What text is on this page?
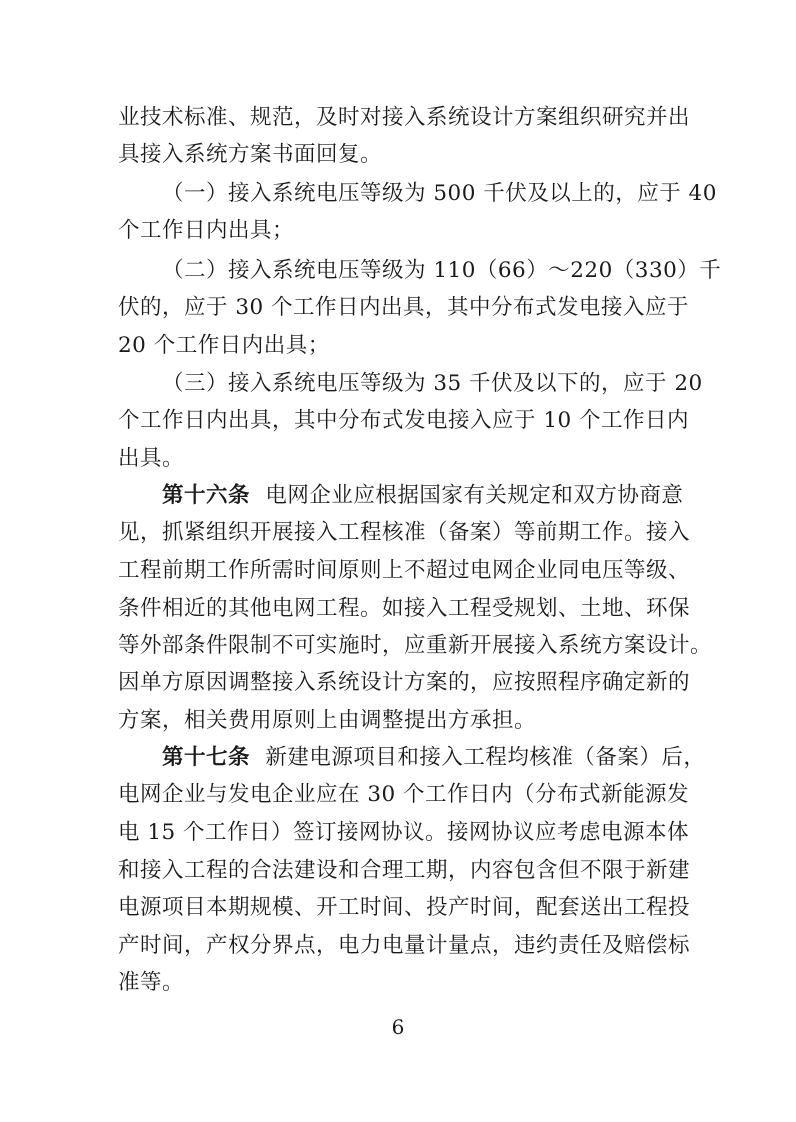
业技术标准、规范，及时对接入系统设计方案组织研究并出
具接入系统方案书面回复。
（一）接入系统电压等级为 500 千伏及以上的，应于 40
个工作日内出具；
（二）接入系统电压等级为 110（66）～220（330）千
伏的，应于 30 个工作日内出具，其中分布式发电接入应于
20 个工作日内出具；
（三）接入系统电压等级为 35 千伏及以下的，应于 20
个工作日内出具，其中分布式发电接入应于 10 个工作日内
出具。
第十六条 电网企业应根据国家有关规定和双方协商意
见，抓紧组织开展接入工程核准（备案）等前期工作。接入
工程前期工作所需时间原则上不超过电网企业同电压等级、
条件相近的其他电网工程。如接入工程受规划、土地、环保
等外部条件限制不可实施时，应重新开展接入系统方案设计。
因单方原因调整接入系统设计方案的，应按照程序确定新的
方案，相关费用原则上由调整提出方承担。
第十七条 新建电源项目和接入工程均核准（备案）后，
电网企业与发电企业应在 30 个工作日内（分布式新能源发
电 15 个工作日）签订接网协议。接网协议应考虑电源本体
和接入工程的合法建设和合理工期，内容包含但不限于新建
电源项目本期规模、开工时间、投产时间，配套送出工程投
产时间，产权分界点，电力电量计量点，违约责任及赔偿标
准等。
6
